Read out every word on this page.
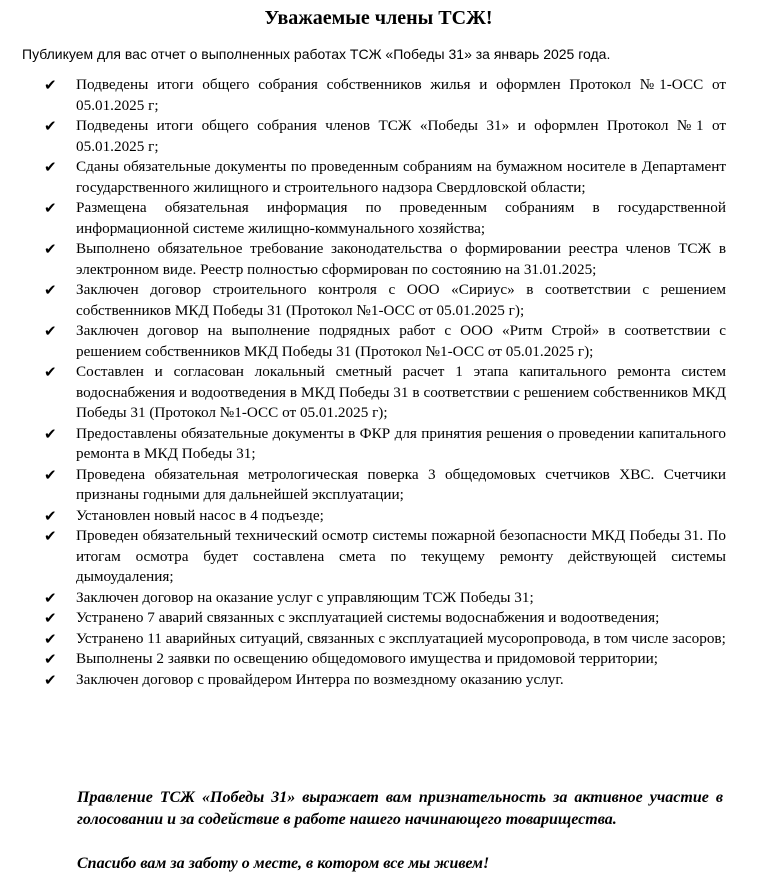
Уважаемые члены ТСЖ!
Публикуем для вас отчет о выполненных работах ТСЖ «Победы 31» за январь 2025 года.
✔	Подведены итоги общего собрания собственников жилья и оформлен Протокол №1-ОСС от 05.01.2025 г;
✔	Подведены итоги общего собрания членов ТСЖ «Победы 31» и оформлен Протокол №1 от 05.01.2025 г;
✔	Сданы обязательные документы по проведенным собраниям на бумажном носителе в Департамент государственного жилищного и строительного надзора Свердловской области;
✔	Размещена обязательная информация по проведенным собраниям в государственной информационной системе жилищно-коммунального хозяйства;
✔	Выполнено обязательное требование законодательства о формировании реестра членов ТСЖ в электронном виде. Реестр полностью сформирован по состоянию на 31.01.2025;
✔	Заключен договор строительного контроля с ООО «Сириус» в соответствии с решением собственников МКД Победы 31 (Протокол №1-ОСС от 05.01.2025 г);
✔	Заключен договор на выполнение подрядных работ с ООО «Ритм Строй» в соответствии с решением собственников МКД Победы 31 (Протокол №1-ОСС от 05.01.2025 г);
✔	Составлен и согласован локальный сметный расчет 1 этапа капитального ремонта систем водоснабжения и водоотведения в МКД Победы 31 в соответствии с решением собственников МКД Победы 31 (Протокол №1-ОСС от 05.01.2025 г);
✔	Предоставлены обязательные документы в ФКР для принятия решения о проведении капитального ремонта в МКД Победы 31;
✔	Проведена обязательная метрологическая поверка 3 общедомовых счетчиков ХВС. Счетчики признаны годными для дальнейшей эксплуатации;
✔	Установлен новый насос в 4 подъезде;
✔	Проведен обязательный технический осмотр системы пожарной безопасности МКД Победы 31. По итогам осмотра будет составлена смета по текущему ремонту действующей системы дымоудаления;
✔	Заключен договор на оказание услуг с управляющим ТСЖ Победы 31;
✔	Устранено 7 аварий связанных с эксплуатацией системы водоснабжения и водоотведения;
✔	Устранено 11 аварийных ситуаций, связанных с эксплуатацией мусоропровода, в том числе засоров;
✔	Выполнены 2 заявки по освещению общедомового имущества и придомовой территории;
✔	Заключен договор с провайдером Интерра по возмездному оказанию услуг.
Правление ТСЖ «Победы 31» выражает вам признательность за активное участие в голосовании и за содействие в работе нашего начинающего товарищества.
Спасибо вам за заботу о месте, в котором все мы живем!
